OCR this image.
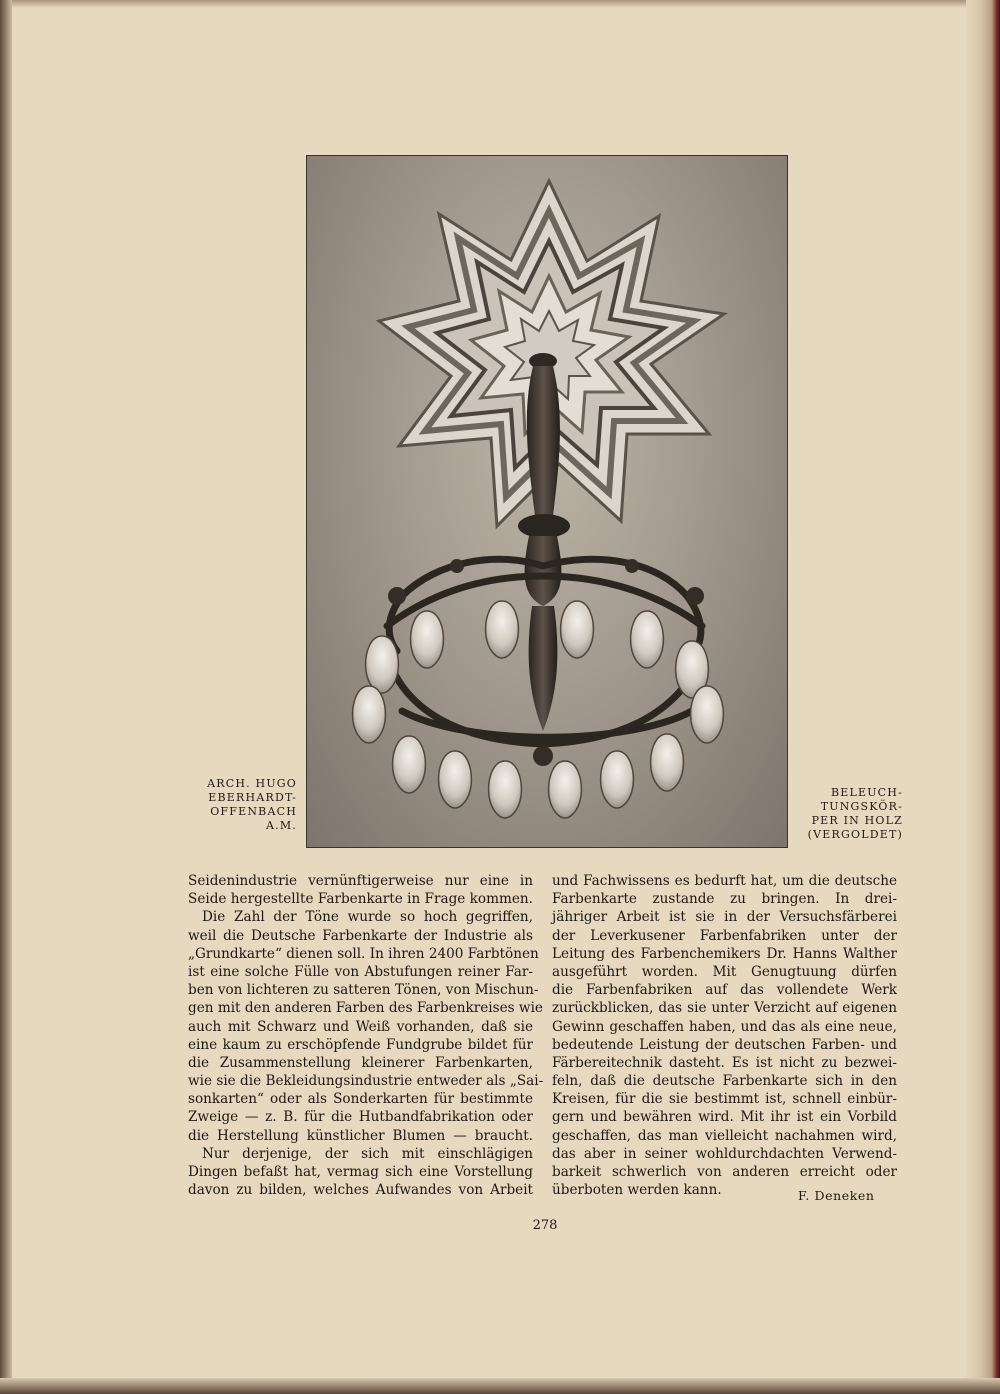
ARCH. HUGO
EBERHARDT-
OFFENBACH
A.M.
BELEUCH-
TUNGSKÖR-
PER IN HOLZ
(VERGOLDET)
Seidenindustrie vernünftigerweise nur eine in
Seide hergestellte Farbenkarte in Frage kommen.
Die Zahl der Töne wurde so hoch gegriffen,
weil die Deutsche Farbenkarte der Industrie als
„Grundkarte“ dienen soll. In ihren 2400 Farbtönen
ist eine solche Fülle von Abstufungen reiner Far-
ben von lichteren zu satteren Tönen, von Mischun-
gen mit den anderen Farben des Farbenkreises wie
auch mit Schwarz und Weiß vorhanden, daß sie
eine kaum zu erschöpfende Fundgrube bildet für
die Zusammenstellung kleinerer Farbenkarten,
wie sie die Bekleidungsindustrie entweder als „Sai-
sonkarten“ oder als Sonderkarten für bestimmte
Zweige — z. B. für die Hutbandfabrikation oder
die Herstellung künstlicher Blumen — braucht.
Nur derjenige, der sich mit einschlägigen
Dingen befaßt hat, vermag sich eine Vorstellung
davon zu bilden, welches Aufwandes von Arbeit
und Fachwissens es bedurft hat, um die deutsche
Farbenkarte zustande zu bringen. In drei-
jähriger Arbeit ist sie in der Versuchsfärberei
der Leverkusener Farbenfabriken unter der
Leitung des Farbenchemikers Dr. Hanns Walther
ausgeführt worden. Mit Genugtuung dürfen
die Farbenfabriken auf das vollendete Werk
zurückblicken, das sie unter Verzicht auf eigenen
Gewinn geschaffen haben, und das als eine neue,
bedeutende Leistung der deutschen Farben- und
Färbereitechnik dasteht. Es ist nicht zu bezwei-
feln, daß die deutsche Farbenkarte sich in den
Kreisen, für die sie bestimmt ist, schnell einbür-
gern und bewähren wird. Mit ihr ist ein Vorbild
geschaffen, das man vielleicht nachahmen wird,
das aber in seiner wohldurchdachten Verwend-
barkeit schwerlich von anderen erreicht oder
überboten werden kann.	F. Deneken
278
